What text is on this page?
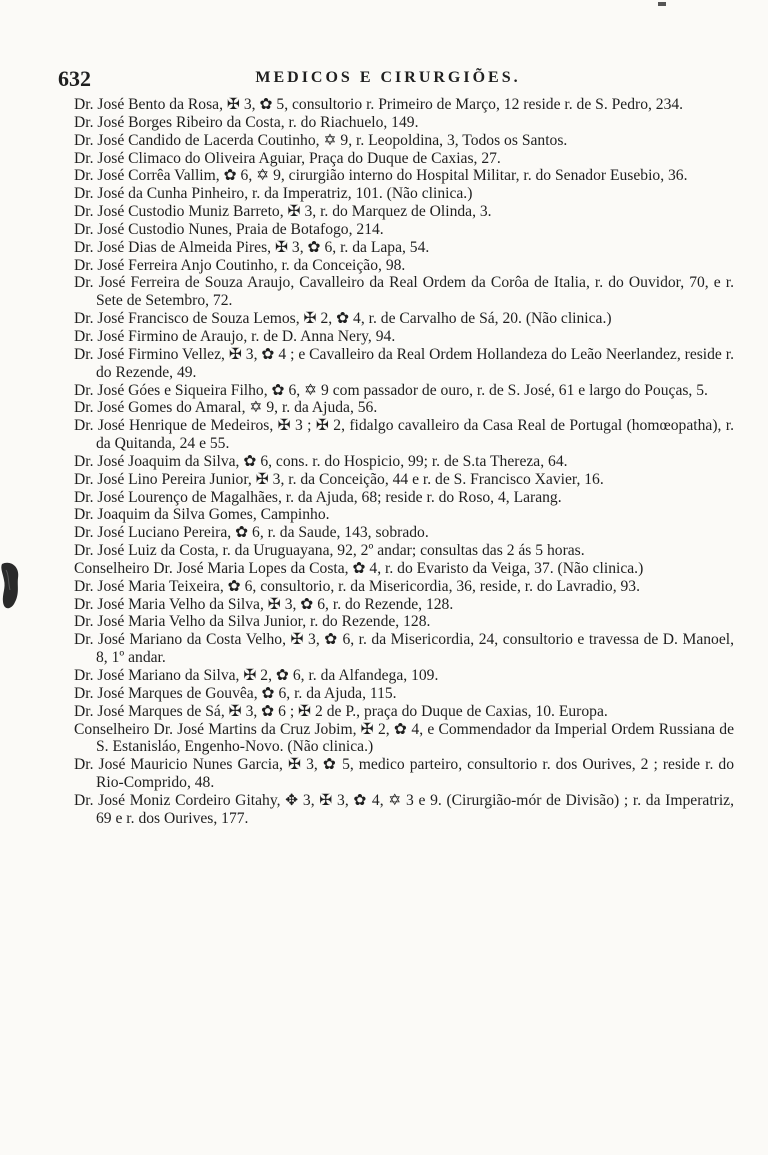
632	MEDICOS E CIRURGIÕES.
Dr. José Bento da Rosa, ✠ 3, ✿ 5, consultorio r. Primeiro de Março, 12 reside r. de S. Pedro, 234.
Dr. José Borges Ribeiro da Costa, r. do Riachuelo, 149.
Dr. José Candido de Lacerda Coutinho, ✡ 9, r. Leopoldina, 3, Todos os Santos.
Dr. José Climaco do Oliveira Aguiar, Praça do Duque de Caxias, 27.
Dr. José Corrêa Vallim, ✿ 6, ✡ 9, cirurgião interno do Hospital Militar, r. do Senador Eusebio, 36.
Dr. José da Cunha Pinheiro, r. da Imperatriz, 101. (Não clinica.)
Dr. José Custodio Muniz Barreto, ✠ 3, r. do Marquez de Olinda, 3.
Dr. José Custodio Nunes, Praia de Botafogo, 214.
Dr. José Dias de Almeida Pires, ✠ 3, ✿ 6, r. da Lapa, 54.
Dr. José Ferreira Anjo Coutinho, r. da Conceição, 98.
Dr. José Ferreira de Souza Araujo, Cavalleiro da Real Ordem da Corôa de Italia, r. do Ouvidor, 70, e r. Sete de Setembro, 72.
Dr. José Francisco de Souza Lemos, ✠ 2, ✿ 4, r. de Carvalho de Sá, 20. (Não clinica.)
Dr. José Firmino de Araujo, r. de D. Anna Nery, 94.
Dr. José Firmino Vellez, ✠ 3, ✿ 4 ; e Cavalleiro da Real Ordem Hollandeza do Leão Neerlandez, reside r. do Rezende, 49.
Dr. José Góes e Siqueira Filho, ✿ 6, ✡ 9 com passador de ouro, r. de S. José, 61 e largo do Pouças, 5.
Dr. José Gomes do Amaral, ✡ 9, r. da Ajuda, 56.
Dr. José Henrique de Medeiros, ✠ 3 ; ✠ 2, fidalgo cavalleiro da Casa Real de Portugal (homœopatha), r. da Quitanda, 24 e 55.
Dr. José Joaquim da Silva, ✿ 6, cons. r. do Hospicio, 99; r. de S.ta Thereza, 64.
Dr. José Lino Pereira Junior, ✠ 3, r. da Conceição, 44 e r. de S. Francisco Xavier, 16.
Dr. José Lourenço de Magalhães, r. da Ajuda, 68; reside r. do Roso, 4, Larang.
Dr. Joaquim da Silva Gomes, Campinho.
Dr. José Luciano Pereira, ✿ 6, r. da Saude, 143, sobrado.
Dr. José Luiz da Costa, r. da Uruguayana, 92, 2º andar; consultas das 2 ás 5 horas.
Conselheiro Dr. José Maria Lopes da Costa, ✿ 4, r. do Evaristo da Veiga, 37. (Não clinica.)
Dr. José Maria Teixeira, ✿ 6, consultorio, r. da Misericordia, 36, reside, r. do Lavradio, 93.
Dr. José Maria Velho da Silva, ✠ 3, ✿ 6, r. do Rezende, 128.
Dr. José Maria Velho da Silva Junior, r. do Rezende, 128.
Dr. José Mariano da Costa Velho, ✠ 3, ✿ 6, r. da Misericordia, 24, consultorio e travessa de D. Manoel, 8, 1º andar.
Dr. José Mariano da Silva, ✠ 2, ✿ 6, r. da Alfandega, 109.
Dr. José Marques de Gouvêa, ✿ 6, r. da Ajuda, 115.
Dr. José Marques de Sá, ✠ 3, ✿ 6 ; ✠ 2 de P., praça do Duque de Caxias, 10. Europa.
Conselheiro Dr. José Martins da Cruz Jobim, ✠ 2, ✿ 4, e Commendador da Imperial Ordem Russiana de S. Estanisláo, Engenho-Novo. (Não clinica.)
Dr. José Mauricio Nunes Garcia, ✠ 3, ✿ 5, medico parteiro, consultorio r. dos Ourives, 2 ; reside r. do Rio-Comprido, 48.
Dr. José Moniz Cordeiro Gitahy, ✥ 3, ✠ 3, ✿ 4, ✡ 3 e 9. (Cirurgião-mór de Divisão) ; r. da Imperatriz, 69 e r. dos Ourives, 177.
